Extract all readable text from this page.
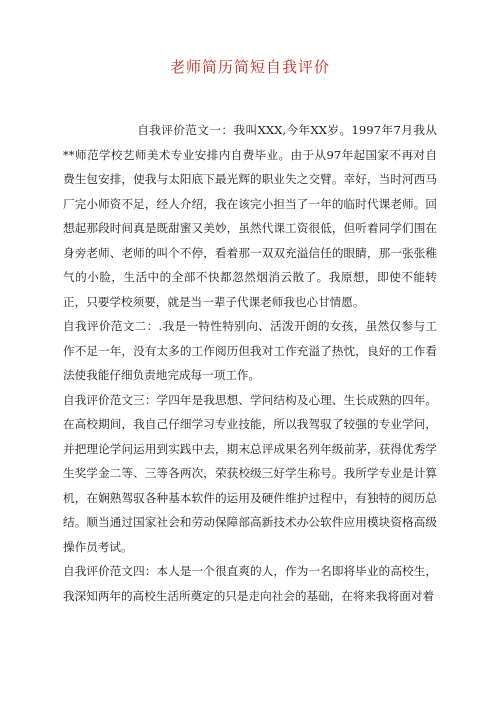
老师简历简短自我评价

自我评价范文一：我叫XXX,今年XX岁。1997年7月我从**师范学校艺师美术专业安排内自费毕业。由于从97年起国家不再对自费生包安排，使我与太阳底下最光辉的职业失之交臂。幸好，当时河西马厂完小师资不足，经人介绍，我在该完小担当了一年的临时代课老师。回想起那段时间真是既甜蜜又美妙，虽然代课工资很低，但听着同学们围在身旁老师、老师的叫个不停，看着那一双双充溢信任的眼睛，那一张张稚气的小脸，生活中的全部不快都忽然烟消云散了。我原想，即使不能转正，只要学校须要，就是当一辈子代课老师我也心甘情愿。

自我评价范文二：.我是一特性特别向、活泼开朗的女孩，虽然仅参与工作不足一年，没有太多的工作阅历但我对工作充溢了热忱，良好的工作看法使我能仔细负责地完成每一项工作。

自我评价范文三：学四年是我思想、学问结构及心理、生长成熟的四年。在高校期间，我自己仔细学习专业技能，所以我驾驭了较强的专业学问，并把理论学问运用到实践中去，期末总评成果名列年级前茅，获得优秀学生奖学金二等、三等各两次，荣获校级三好学生称号。我所学专业是计算机，在娴熟驾驭各种基本软件的运用及硬件维护过程中，有独特的阅历总结。顺当通过国家社会和劳动保障部高新技术办公软件应用模块资格高级操作员考试。

自我评价范文四：本人是一个很直爽的人，作为一名即将毕业的高校生，我深知两年的高校生活所奠定的只是走向社会的基础，在将来我将面对着
